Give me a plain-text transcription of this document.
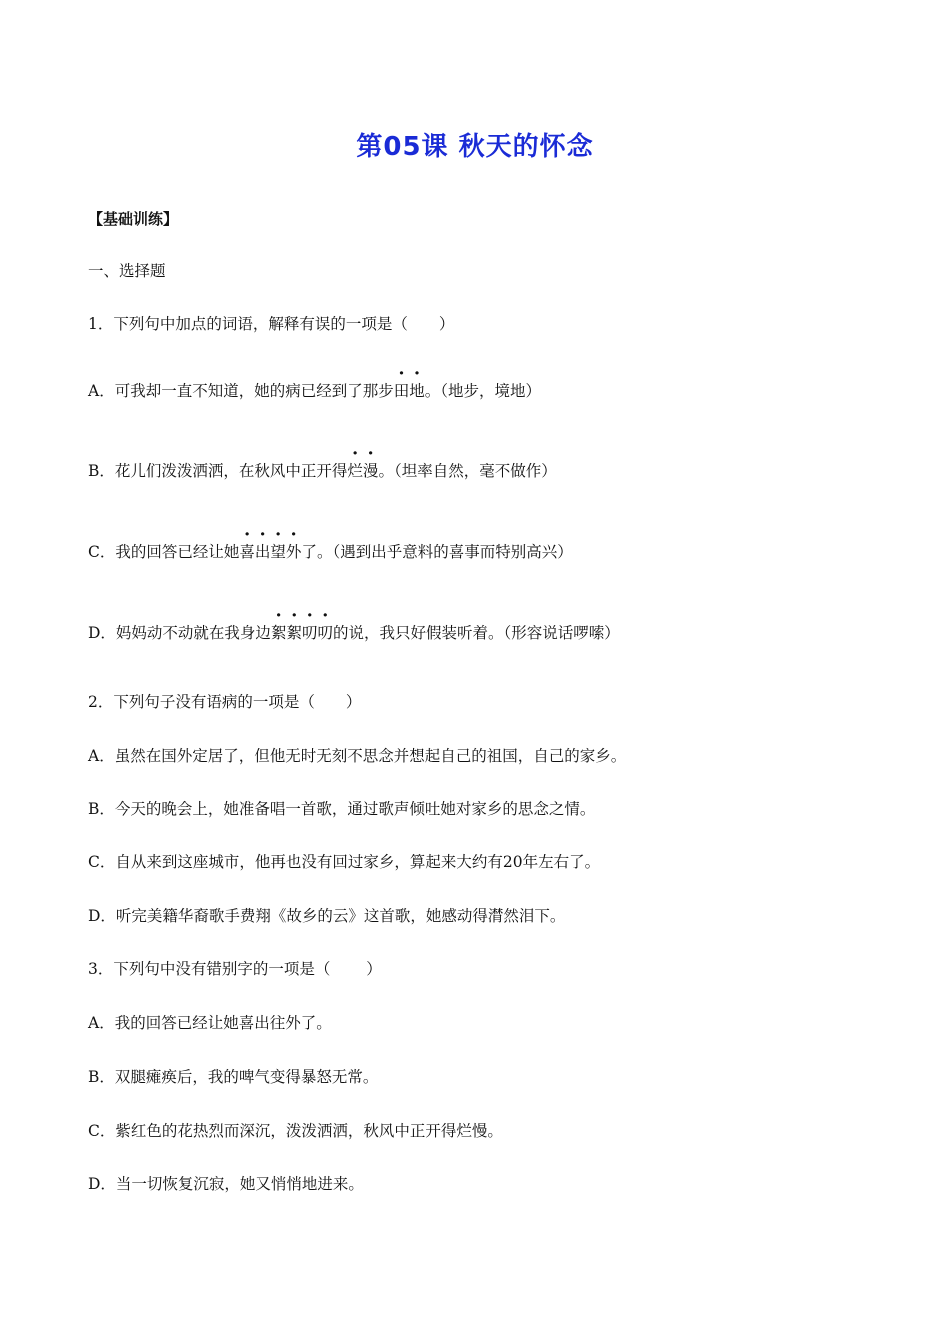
第05课 秋天的怀念
【基础训练】
一、选择题
1．下列句中加点的词语，解释有误的一项是（　　）
A．可我却一直不知道，她的病已经到了那步田地。（地步，境地）
B．花儿们泼泼洒洒，在秋风中正开得烂漫。（坦率自然，毫不做作）
C．我的回答已经让她喜出望外了。（遇到出乎意料的喜事而特别高兴）
D．妈妈动不动就在我身边絮絮叨叨的说，我只好假装听着。（形容说话啰嗦）
2．下列句子没有语病的一项是（　　）
A．虽然在国外定居了，但他无时无刻不思念并想起自己的祖国，自己的家乡。
B．今天的晚会上，她准备唱一首歌，通过歌声倾吐她对家乡的思念之情。
C．自从来到这座城市，他再也没有回过家乡，算起来大约有20年左右了。
D．听完美籍华裔歌手费翔《故乡的云》这首歌，她感动得潸然泪下。
3．下列句中没有错别字的一项是（　　 ）
A．我的回答已经让她喜出往外了。
B．双腿瘫痪后，我的啤气变得暴怒无常。
C．紫红色的花热烈而深沉，泼泼洒洒，秋风中正开得烂慢。
D．当一切恢复沉寂，她又悄悄地进来。
